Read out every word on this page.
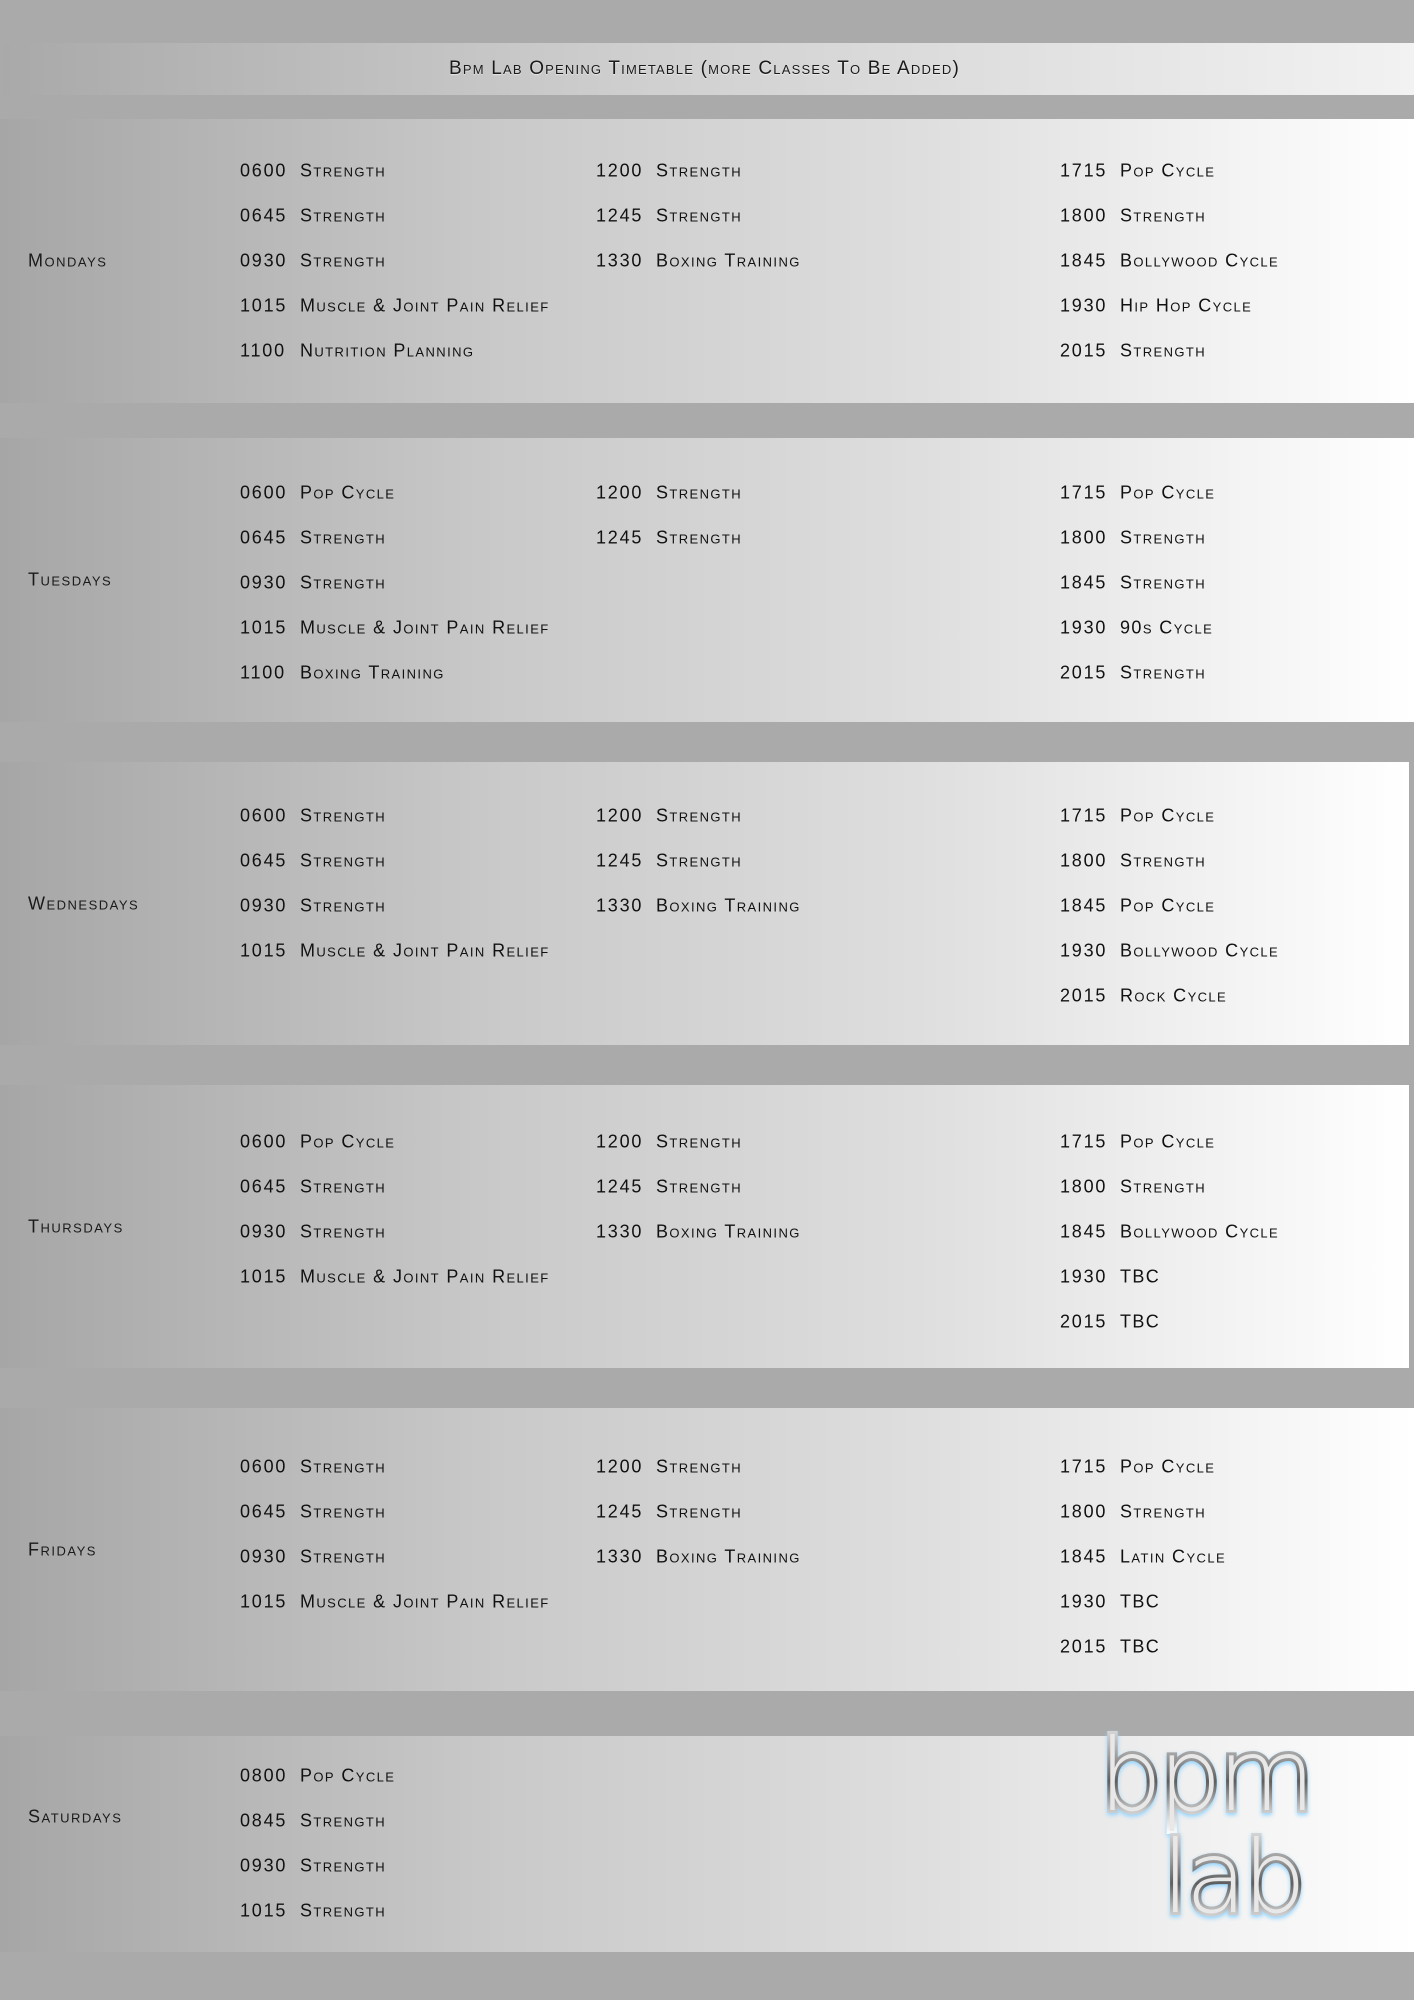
Bpm Lab Opening Timetable (more Classes To Be Added)
Mondays
0600 Strength
0645 Strength
0930 Strength
1015 Muscle & Joint Pain Relief
1100 Nutrition Planning
1200 Strength
1245 Strength
1330 Boxing Training
1715 Pop Cycle
1800 Strength
1845 Bollywood Cycle
1930 Hip Hop Cycle
2015 Strength
Tuesdays
0600 Pop Cycle
0645 Strength
0930 Strength
1015 Muscle & Joint Pain Relief
1100 Boxing Training
1200 Strength
1245 Strength
1715 Pop Cycle
1800 Strength
1845 Strength
1930 90s Cycle
2015 Strength
Wednesdays
0600 Strength
0645 Strength
0930 Strength
1015 Muscle & Joint Pain Relief
1200 Strength
1245 Strength
1330 Boxing Training
1715 Pop Cycle
1800 Strength
1845 Pop Cycle
1930 Bollywood Cycle
2015 Rock Cycle
Thursdays
0600 Pop Cycle
0645 Strength
0930 Strength
1015 Muscle & Joint Pain Relief
1200 Strength
1245 Strength
1330 Boxing Training
1715 Pop Cycle
1800 Strength
1845 Bollywood Cycle
1930 TBC
2015 TBC
Fridays
0600 Strength
0645 Strength
0930 Strength
1015 Muscle & Joint Pain Relief
1200 Strength
1245 Strength
1330 Boxing Training
1715 Pop Cycle
1800 Strength
1845 Latin Cycle
1930 TBC
2015 TBC
Saturdays
0800 Pop Cycle
0845 Strength
0930 Strength
1015 Strength
bpm
lab
